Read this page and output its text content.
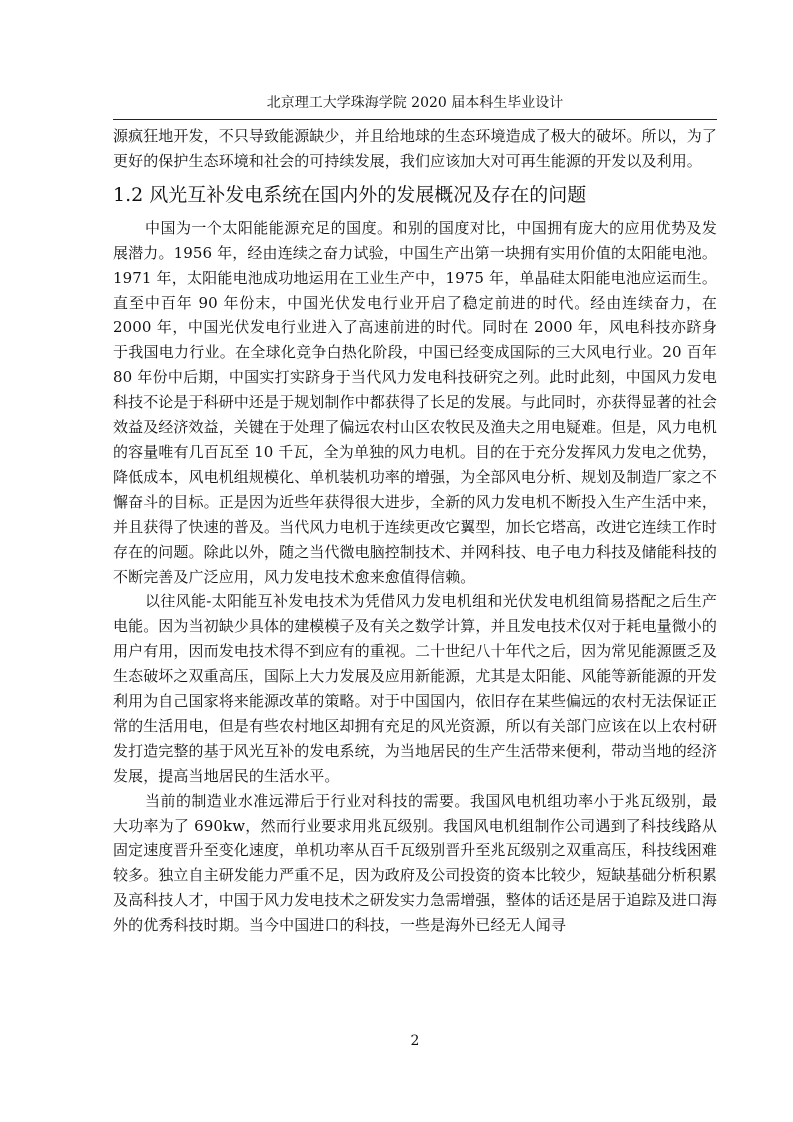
北京理工大学珠海学院 2020 届本科生毕业设计

源疯狂地开发，不只导致能源缺少，并且给地球的生态环境造成了极大的破坏。所以，为了更好的保护生态环境和社会的可持续发展，我们应该加大对可再生能源的开发以及利用。

1.2 风光互补发电系统在国内外的发展概况及存在的问题

中国为一个太阳能能源充足的国度。和别的国度对比，中国拥有庞大的应用优势及发展潜力。1956 年，经由连续之奋力试验，中国生产出第一块拥有实用价值的太阳能电池。1971 年，太阳能电池成功地运用在工业生产中，1975 年，单晶硅太阳能电池应运而生。直至中百年 90 年份末，中国光伏发电行业开启了稳定前进的时代。经由连续奋力，在 2000 年，中国光伏发电行业进入了高速前进的时代。同时在 2000 年，风电科技亦跻身于我国电力行业。在全球化竞争白热化阶段，中国已经变成国际的三大风电行业。20 百年 80 年份中后期，中国实打实跻身于当代风力发电科技研究之列。此时此刻，中国风力发电科技不论是于科研中还是于规划制作中都获得了长足的发展。与此同时，亦获得显著的社会效益及经济效益，关键在于处理了偏远农村山区农牧民及渔夫之用电疑难。但是，风力电机的容量唯有几百瓦至 10 千瓦，全为单独的风力电机。目的在于充分发挥风力发电之优势，降低成本，风电机组规模化、单机装机功率的增强，为全部风电分析、规划及制造厂家之不懈奋斗的目标。正是因为近些年获得很大进步，全新的风力发电机不断投入生产生活中来，并且获得了快速的普及。当代风力电机于连续更改它翼型，加长它塔高，改进它连续工作时存在的问题。除此以外，随之当代微电脑控制技术、并网科技、电子电力科技及储能科技的不断完善及广泛应用，风力发电技术愈来愈值得信赖。

以往风能-太阳能互补发电技术为凭借风力发电机组和光伏发电机组简易搭配之后生产电能。因为当初缺少具体的建模模子及有关之数学计算，并且发电技术仅对于耗电量微小的用户有用，因而发电技术得不到应有的重视。二十世纪八十年代之后，因为常见能源匮乏及生态破坏之双重高压，国际上大力发展及应用新能源，尤其是太阳能、风能等新能源的开发利用为自己国家将来能源改革的策略。对于中国国内，依旧存在某些偏远的农村无法保证正常的生活用电，但是有些农村地区却拥有充足的风光资源，所以有关部门应该在以上农村研发打造完整的基于风光互补的发电系统，为当地居民的生产生活带来便利，带动当地的经济发展，提高当地居民的生活水平。

当前的制造业水准远滞后于行业对科技的需要。我国风电机组功率小于兆瓦级别，最大功率为了 690kw，然而行业要求用兆瓦级别。我国风电机组制作公司遇到了科技线路从固定速度晋升至变化速度，单机功率从百千瓦级别晋升至兆瓦级别之双重高压，科技线困难较多。独立自主研发能力严重不足，因为政府及公司投资的资本比较少，短缺基础分析积累及高科技人才，中国于风力发电技术之研发实力急需增强，整体的话还是居于追踪及进口海外的优秀科技时期。当今中国进口的科技，一些是海外已经无人闻寻

2
